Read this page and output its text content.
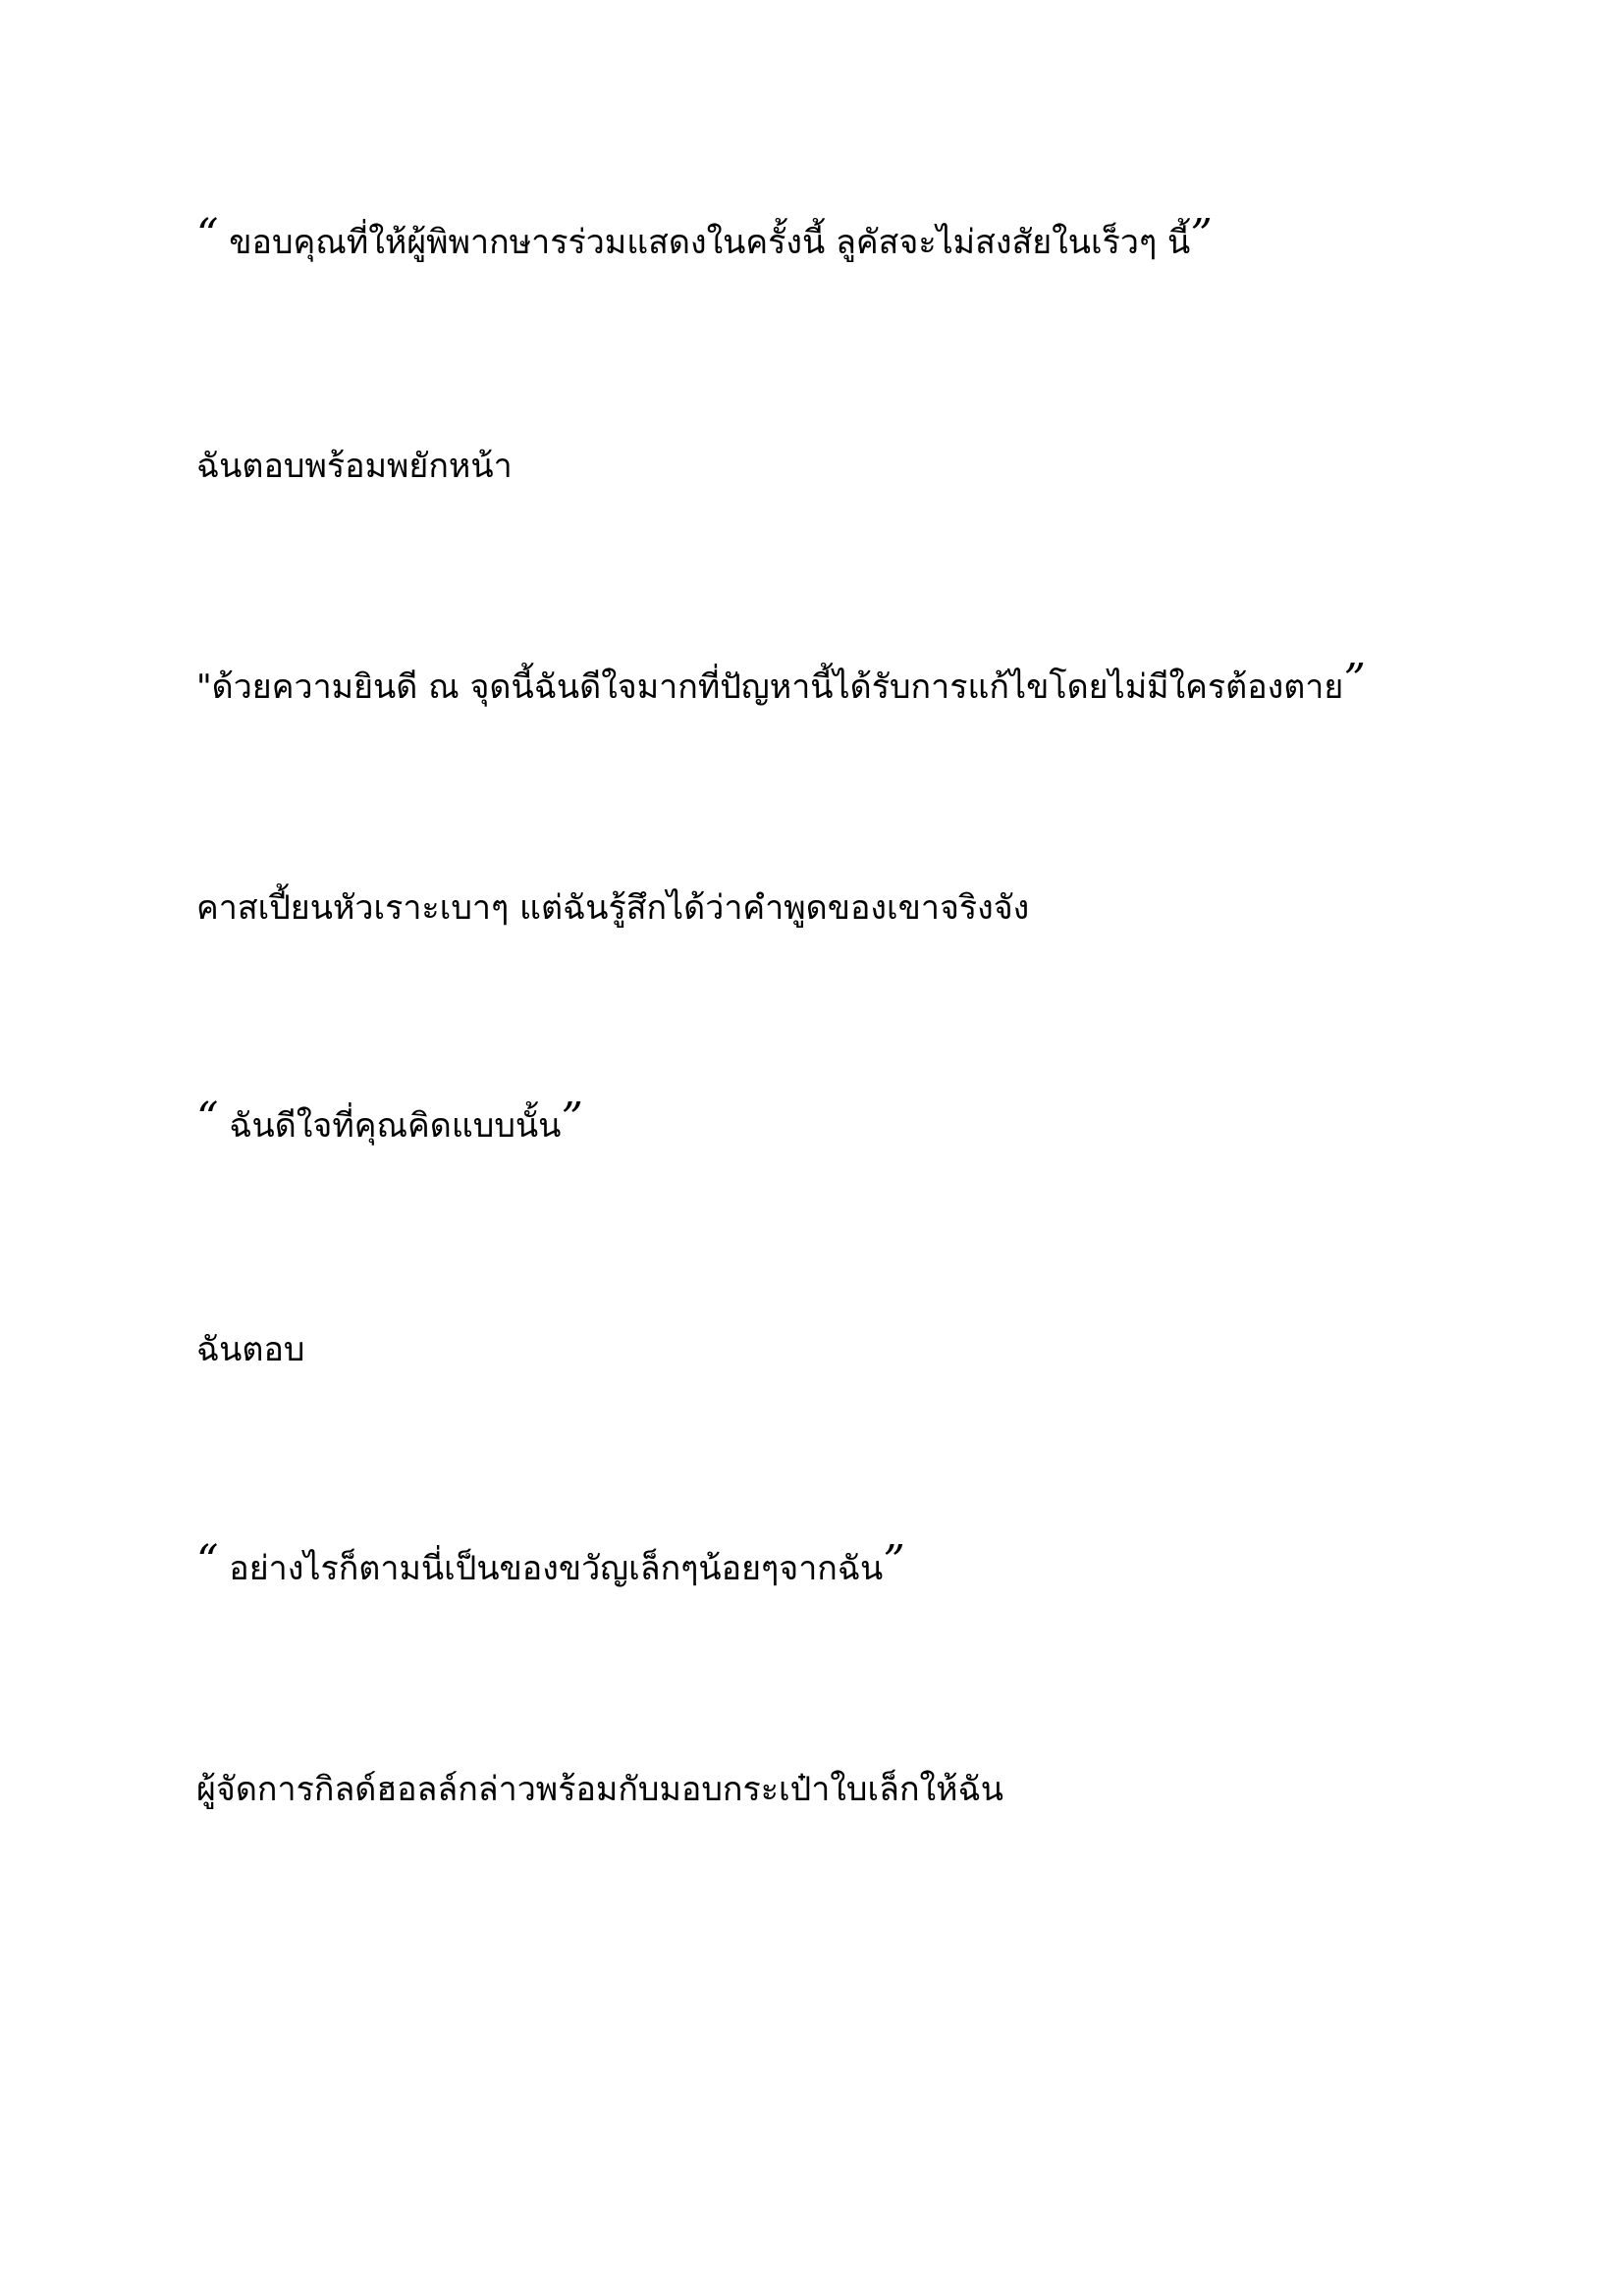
“ ขอบคุณที่ให้ผู้พิพากษารร่วมแสดงในครั้งนี้ ลูคัสจะไม่สงสัยในเร็วๆ นี้”
ฉันตอบพร้อมพยักหน้า
"ด้วยความยินดี ณ จุดนี้ฉันดีใจมากที่ปัญหานี้ได้รับการแก้ไขโดยไม่มีใครต้องตาย”
คาสเปี้ยนหัวเราะเบาๆ แต่ฉันรู้สึกได้ว่าคำพูดของเขาจริงจัง
“ ฉันดีใจที่คุณคิดแบบนั้น”
ฉันตอบ
“ อย่างไรก็ตามนี่เป็นของขวัญเล็กๆน้อยๆจากฉัน”
ผู้จัดการกิลด์ฮอลล์กล่าวพร้อมกับมอบกระเป๋าใบเล็กให้ฉัน
